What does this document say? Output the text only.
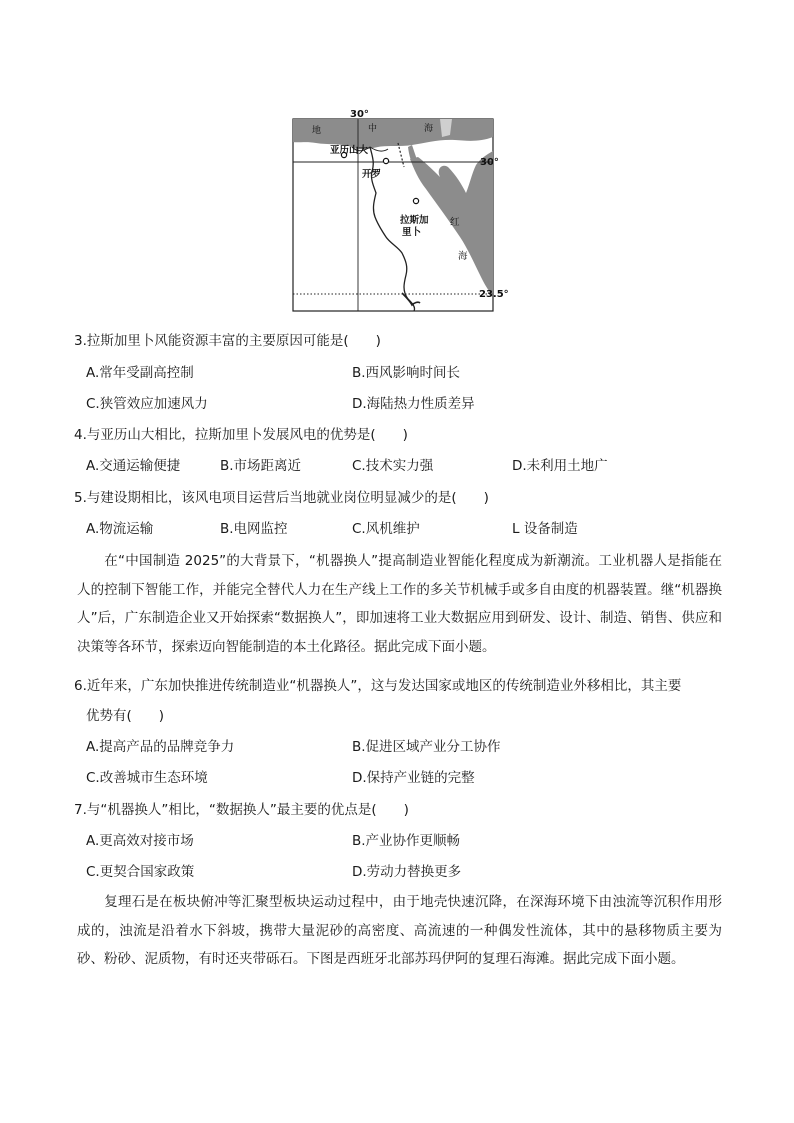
30°
30°
23.5°
地	中	海
亚历山大
开罗
拉斯加
里卜
红
海
3.拉斯加里卜风能资源丰富的主要原因可能是(　　)
A.常年受副高控制	B.西风影响时间长
C.狭管效应加速风力	D.海陆热力性质差异
4.与亚历山大相比，拉斯加里卜发展风电的优势是(　　)
A.交通运输便捷	B.市场距离近	C.技术实力强	D.未利用土地广
5.与建设期相比，该风电项目运营后当地就业岗位明显减少的是(　　)
A.物流运输	B.电网监控	C.风机维护	L 设备制造
在“中国制造 2025”的大背景下，“机器换人”提高制造业智能化程度成为新潮流。工业机器人是指能在人的控制下智能工作，并能完全替代人力在生产线上工作的多关节机械手或多自由度的机器装置。继“机器换人”后，广东制造企业又开始探索“数据换人”，即加速将工业大数据应用到研发、设计、制造、销售、供应和决策等各环节，探索迈向智能制造的本土化路径。据此完成下面小题。
6.近年来，广东加快推进传统制造业“机器换人”，这与发达国家或地区的传统制造业外移相比，其主要
优势有(　　)
A.提高产品的品牌竞争力	B.促进区域产业分工协作
C.改善城市生态环境	D.保持产业链的完整
7.与“机器换人”相比，“数据换人”最主要的优点是(　　)
A.更高效对接市场	B.产业协作更顺畅
C.更契合国家政策	D.劳动力替换更多
复理石是在板块俯冲等汇聚型板块运动过程中，由于地壳快速沉降，在深海环境下由浊流等沉积作用形成的，浊流是沿着水下斜坡，携带大量泥砂的高密度、高流速的一种偶发性流体，其中的悬移物质主要为砂、粉砂、泥质物，有时还夹带砾石。下图是西班牙北部苏玛伊阿的复理石海滩。据此完成下面小题。
